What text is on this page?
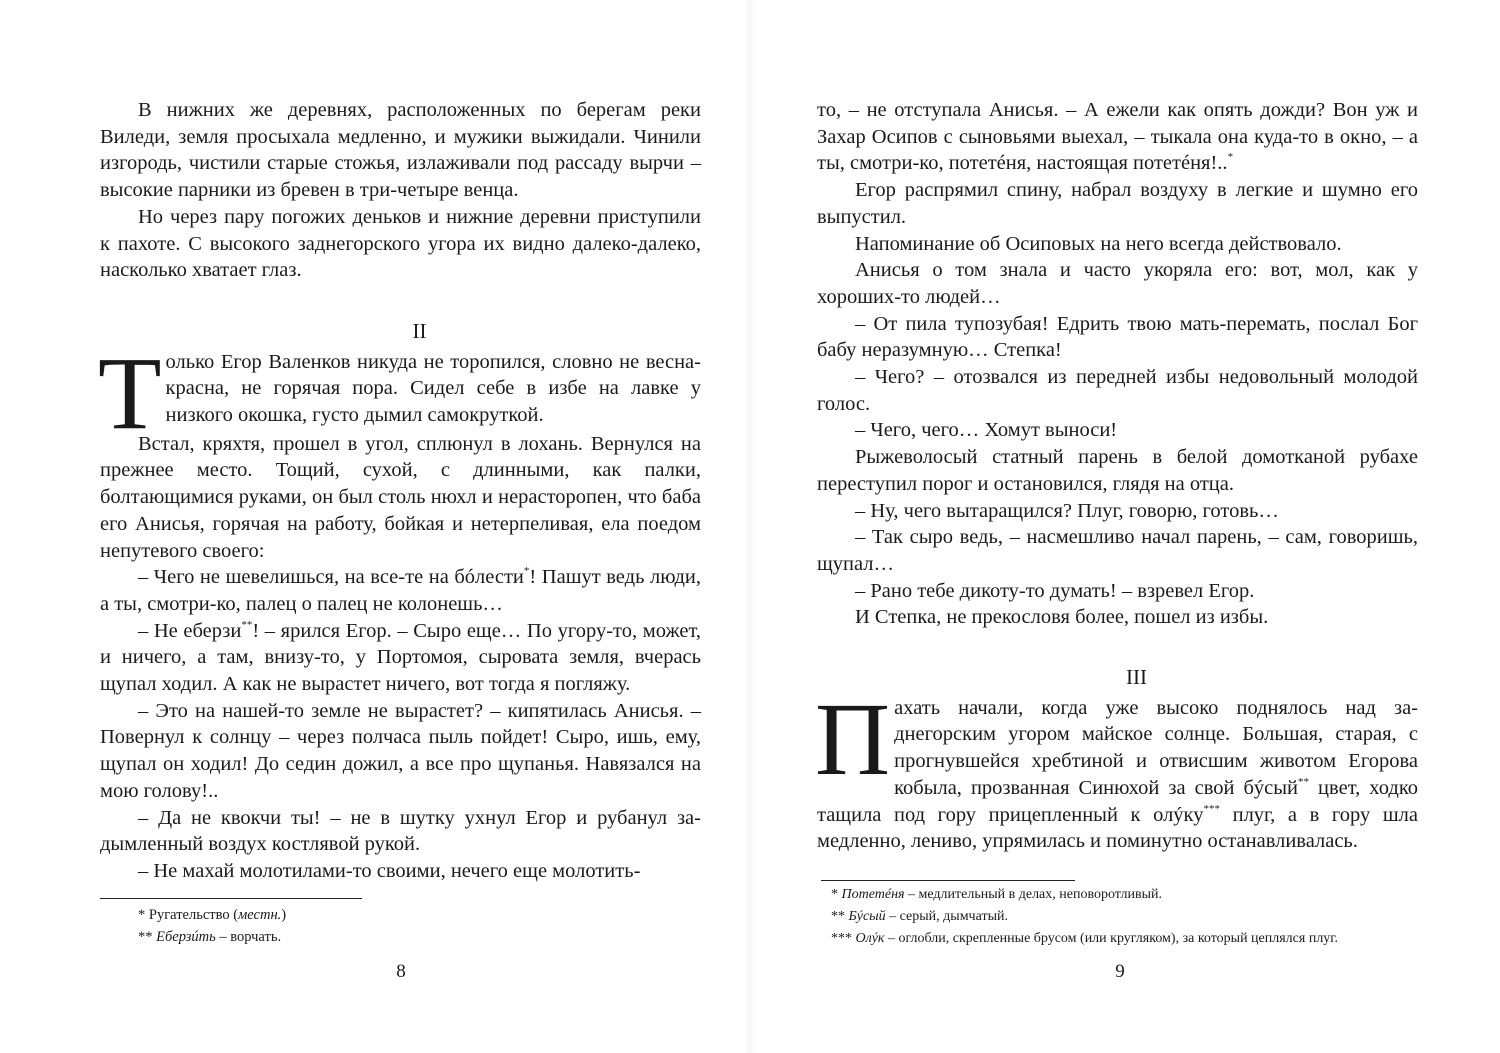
В нижних же деревнях, расположенных по берегам реки Виледи, земля просыхала медленно, и мужики выжидали. Чинили изгородь, чистили старые стожья, излаживали под рассаду вырчи – высокие парники из бревен в три-четыре венца.

Но через пару погожих деньков и нижние деревни приступили к пахоте. С высокого заднегорского угора их видно далеко-далеко, насколько хватает глаз.

II

Только Егор Валенков никуда не торопился, словно не весна-красна, не горячая пора. Сидел себе в избе на лавке у низкого окошка, густо дымил самокруткой.

Встал, кряхтя, прошел в угол, сплюнул в лохань. Вернулся на прежнее место. Тощий, сухой, с длинными, как палки, болтающимися руками, он был столь нюхл и нерасторопен, что баба его Анисья, горячая на работу, бойкая и нетерпеливая, ела поедом непутевого своего:

– Чего не шевелишься, на все-те на бóлести*! Пашут ведь люди, а ты, смотри-ко, палец о палец не колонешь…

– Не еберзи**! – ярился Егор. – Сыро еще… По угору-то, может, и ничего, а там, внизу-то, у Портомоя, сыровата земля, вчерась щупал ходил. А как не вырастет ничего, вот тогда я погляжу.

– Это на нашей-то земле не вырастет? – кипятилась Анисья. – Повернул к солнцу – через полчаса пыль пойдет! Сыро, ишь, ему, щупал он ходил! До седин дожил, а все про щупанья. Навязался на мою голову!..

– Да не квокчи ты! – не в шутку ухнул Егор и рубанул задымленный воздух костлявой рукой.

– Не махай молотилами-то своими, нечего еще молотить-

* Ругательство (местн.)
** Еберзúть – ворчать.
8

то, – не отступала Анисья. – А ежели как опять дожди? Вон уж и Захар Осипов с сыновьями выехал, – тыкала она куда-то в окно, – а ты, смотри-ко, потетéня, настоящая потетéня!..*

Егор распрямил спину, набрал воздуху в легкие и шумно его выпустил.

Напоминание об Осиповых на него всегда действовало.

Анисья о том знала и часто укоряла его: вот, мол, как у хороших-то людей…

– От пила тупозубая! Едрить твою мать-перемать, послал Бог бабу неразумную… Степка!

– Чего? – отозвался из передней избы недовольный молодой голос.

– Чего, чего… Хомут выноси!

Рыжеволосый статный парень в белой домотканой рубахе переступил порог и остановился, глядя на отца.

– Ну, чего вытаращился? Плуг, говорю, готовь…

– Так сыро ведь, – насмешливо начал парень, – сам, говоришь, щупал…

– Рано тебе дикоту-то думать! – взревел Егор.

И Степка, не прекословя более, пошел из избы.

III

Пахать начали, когда уже высоко поднялось над заднегорским угором майское солнце. Большая, старая, с прогнувшейся хребтиной и отвисшим животом Егорова кобыла, прозванная Синюхой за свой бýсый** цвет, ходко тащила под гору прицепленный к олýку*** плуг, а в гору шла медленно, лениво, упрямилась и поминутно останавливалась.

* Потетéня – медлительный в делах, неповоротливый.
** Бýсый – серый, дымчатый.
*** Олýк – оглобли, скрепленные брусом (или кругляком), за который цеплялся плуг.
9
